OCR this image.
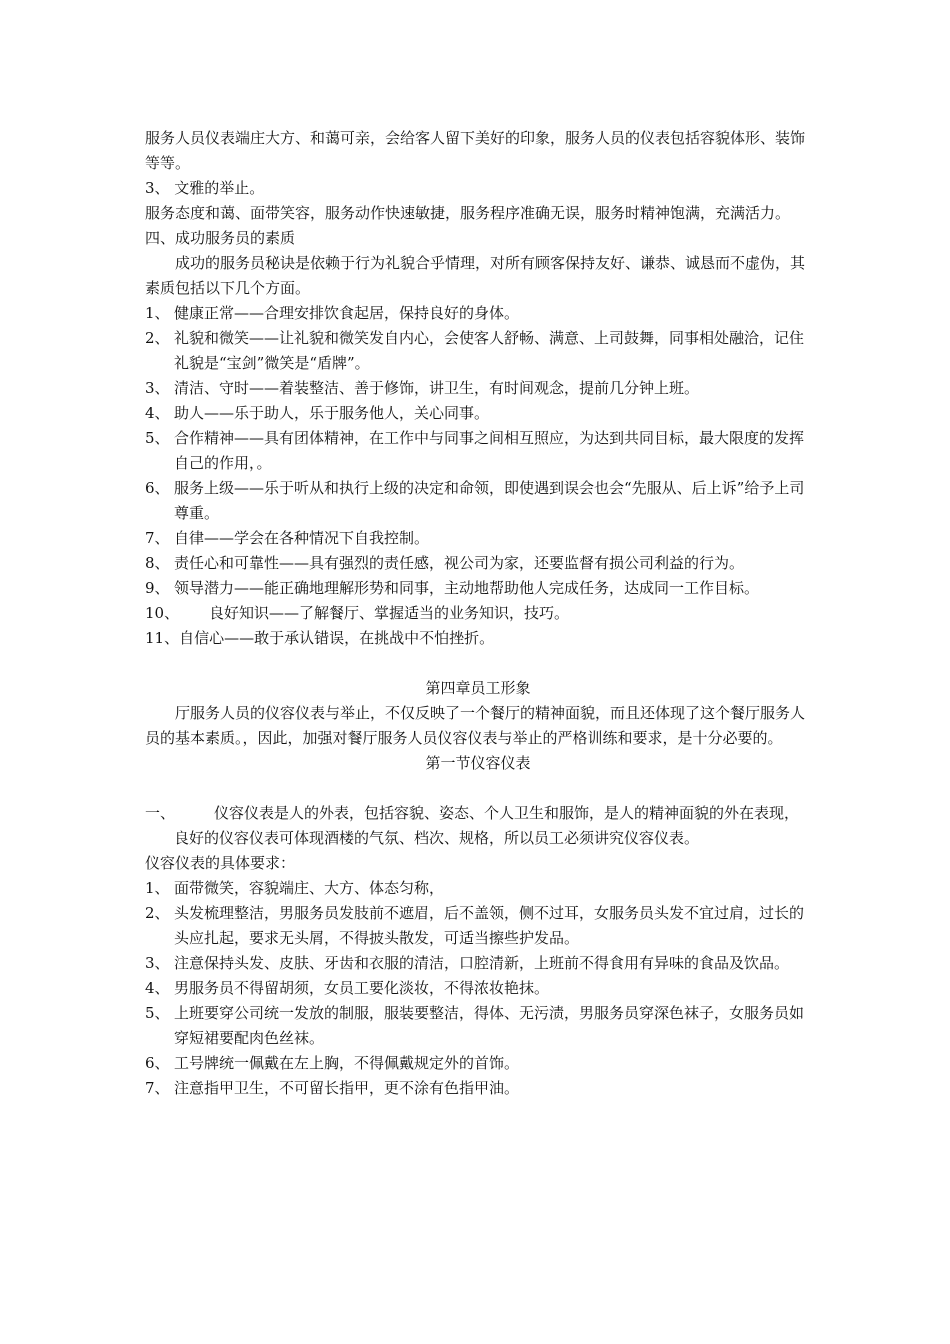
服务人员仪表端庄大方、和蔼可亲，会给客人留下美好的印象，服务人员的仪表包括容貌体形、装饰等等。

3、 文雅的举止。

服务态度和蔼、面带笑容，服务动作快速敏捷，服务程序准确无误，服务时精神饱满，充满活力。

四、成功服务员的素质

成功的服务员秘诀是依赖于行为礼貌合乎情理，对所有顾客保持友好、谦恭、诚恳而不虚伪，其素质包括以下几个方面。

1、 健康正常——合理安排饮食起居，保持良好的身体。
2、 礼貌和微笑——让礼貌和微笑发自内心，会使客人舒畅、满意、上司鼓舞，同事相处融洽，记住礼貌是“宝剑”微笑是“盾牌”。
3、 清洁、守时——着装整洁、善于修饰，讲卫生，有时间观念，提前几分钟上班。
4、 助人——乐于助人，乐于服务他人，关心同事。
5、 合作精神——具有团体精神，在工作中与同事之间相互照应，为达到共同目标，最大限度的发挥自己的作用，。
6、 服务上级——乐于听从和执行上级的决定和命领，即使遇到误会也会“先服从、后上诉”给予上司尊重。
7、 自律——学会在各种情况下自我控制。
8、 责任心和可靠性——具有强烈的责任感，视公司为家，还要监督有损公司利益的行为。
9、 领导潜力——能正确地理解形势和同事，主动地帮助他人完成任务，达成同一工作目标。
10、 良好知识——了解餐厅、掌握适当的业务知识，技巧。
11、自信心——敢于承认错误，在挑战中不怕挫折。

第四章员工形象

厅服务人员的仪容仪表与举止，不仅反映了一个餐厅的精神面貌，而且还体现了这个餐厅服务人员的基本素质。，因此，加强对餐厅服务人员仪容仪表与举止的严格训练和要求，是十分必要的。

第一节仪容仪表

一、	仪容仪表是人的外表，包括容貌、姿态、个人卫生和服饰，是人的精神面貌的外在表现，良好的仪容仪表可体现酒楼的气氛、档次、规格，所以员工必须讲究仪容仪表。

仪容仪表的具体要求：

1、 面带微笑，容貌端庄、大方、体态匀称，
2、 头发梳理整洁，男服务员发肢前不遮眉，后不盖领，侧不过耳，女服务员头发不宜过肩，过长的头应扎起，要求无头屑，不得披头散发，可适当擦些护发品。
3、 注意保持头发、皮肤、牙齿和衣服的清洁，口腔清新，上班前不得食用有异味的食品及饮品。
4、 男服务员不得留胡须，女员工要化淡妆，不得浓妆艳抹。
5、 上班要穿公司统一发放的制服，服装要整洁，得体、无污渍，男服务员穿深色袜子，女服务员如穿短裙要配肉色丝袜。
6、 工号牌统一佩戴在左上胸，不得佩戴规定外的首饰。
7、 注意指甲卫生，不可留长指甲，更不涂有色指甲油。
